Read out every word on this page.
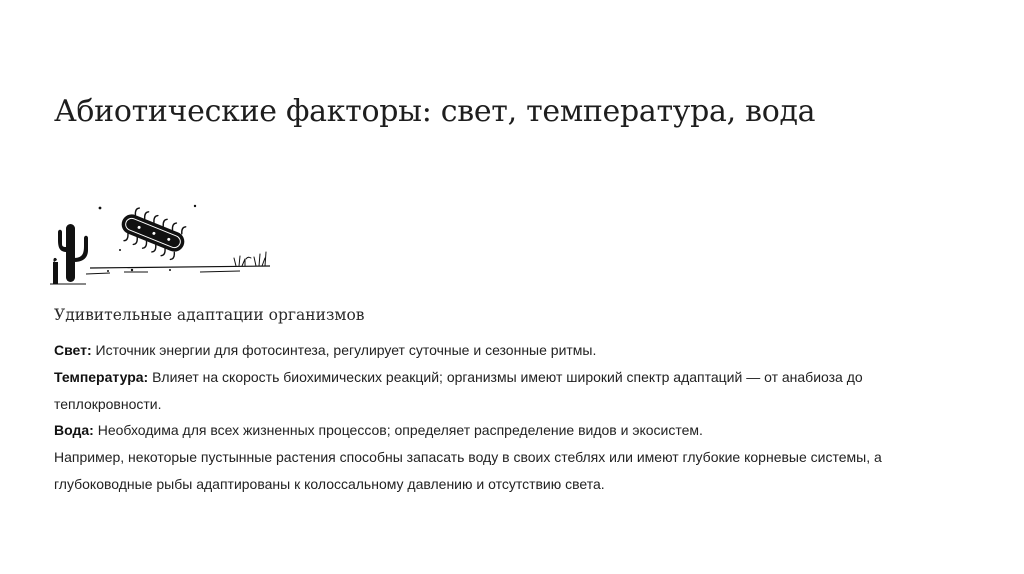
Абиотические факторы: свет, температура, вода
Удивительные адаптации организмов

Свет: Источник энергии для фотосинтеза, регулирует суточные и сезонные ритмы.

Температура: Влияет на скорость биохимических реакций; организмы имеют широкий спектр адаптаций — от анабиоза до теплокровности.

Вода: Необходима для всех жизненных процессов; определяет распределение видов и экосистем.

Например, некоторые пустынные растения способны запасать воду в своих стеблях или имеют глубокие корневые системы, а глубоководные рыбы адаптированы к колоссальному давлению и отсутствию света.
